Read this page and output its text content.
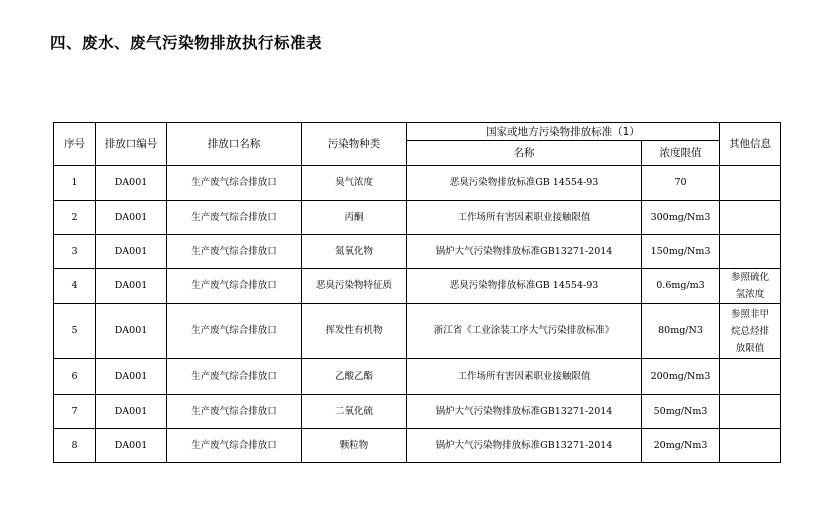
四、废水、废气污染物排放执行标准表
序号	排放口编号	排放口名称	污染物种类	国家或地方污染物排放标准（1）		其他信息
				名称	浓度限值	
1	DA001	生产废气综合排放口	臭气浓度	恶臭污染物排放标准GB 14554-93	70	
2	DA001	生产废气综合排放口	丙酮	工作场所有害因素职业接触限值	300mg/Nm3	
3	DA001	生产废气综合排放口	氮氧化物	锅炉大气污染物排放标准GB13271-2014	150mg/Nm3	
4	DA001	生产废气综合排放口	恶臭污染物特征质	恶臭污染物排放标准GB 14554-93	0.6mg/m3	参照硫化氢浓度
5	DA001	生产废气综合排放口	挥发性有机物	浙江省《工业涂装工序大气污染排放标准》	80mg/N3	参照非甲烷总烃排放限值
6	DA001	生产废气综合排放口	乙酸乙酯	工作场所有害因素职业接触限值	200mg/Nm3	
7	DA001	生产废气综合排放口	二氧化硫	锅炉大气污染物排放标准GB13271-2014	50mg/Nm3	
8	DA001	生产废气综合排放口	颗粒物	锅炉大气污染物排放标准GB13271-2014	20mg/Nm3	
